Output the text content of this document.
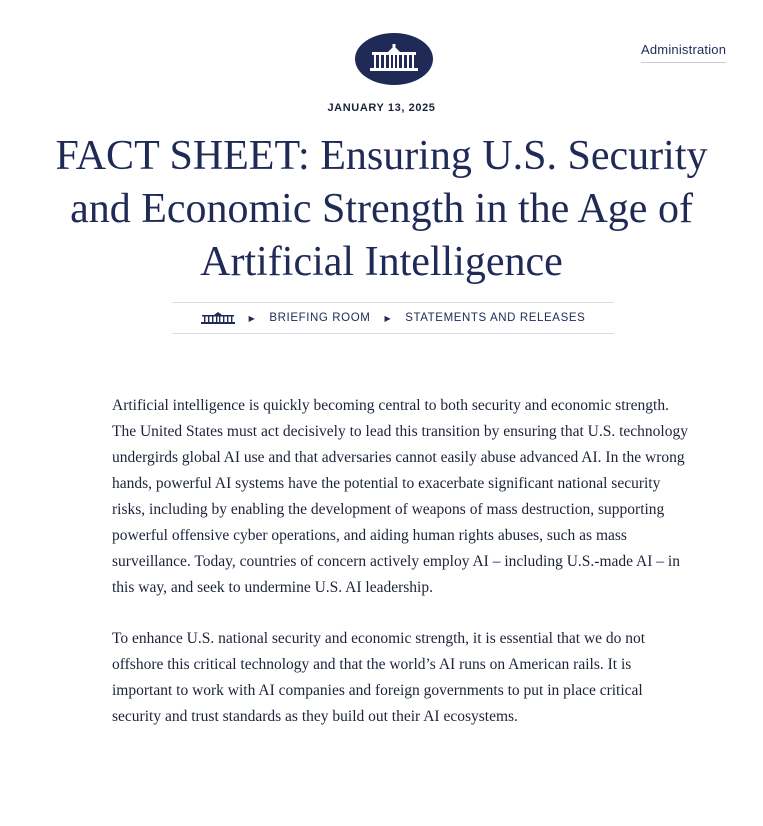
Administration
JANUARY 13, 2025
FACT SHEET: Ensuring U.S. Security
and Economic Strength in the Age of
Artificial Intelligence
▶ BRIEFING ROOM ▶ STATEMENTS AND RELEASES

Artificial intelligence is quickly becoming central to both security and economic strength. The United States must act decisively to lead this transition by ensuring that U.S. technology undergirds global AI use and that adversaries cannot easily abuse advanced AI. In the wrong hands, powerful AI systems have the potential to exacerbate significant national security risks, including by enabling the development of weapons of mass destruction, supporting powerful offensive cyber operations, and aiding human rights abuses, such as mass surveillance. Today, countries of concern actively employ AI – including U.S.-made AI – in this way, and seek to undermine U.S. AI leadership.

To enhance U.S. national security and economic strength, it is essential that we do not offshore this critical technology and that the world’s AI runs on American rails. It is important to work with AI companies and foreign governments to put in place critical security and trust standards as they build out their AI ecosystems.
